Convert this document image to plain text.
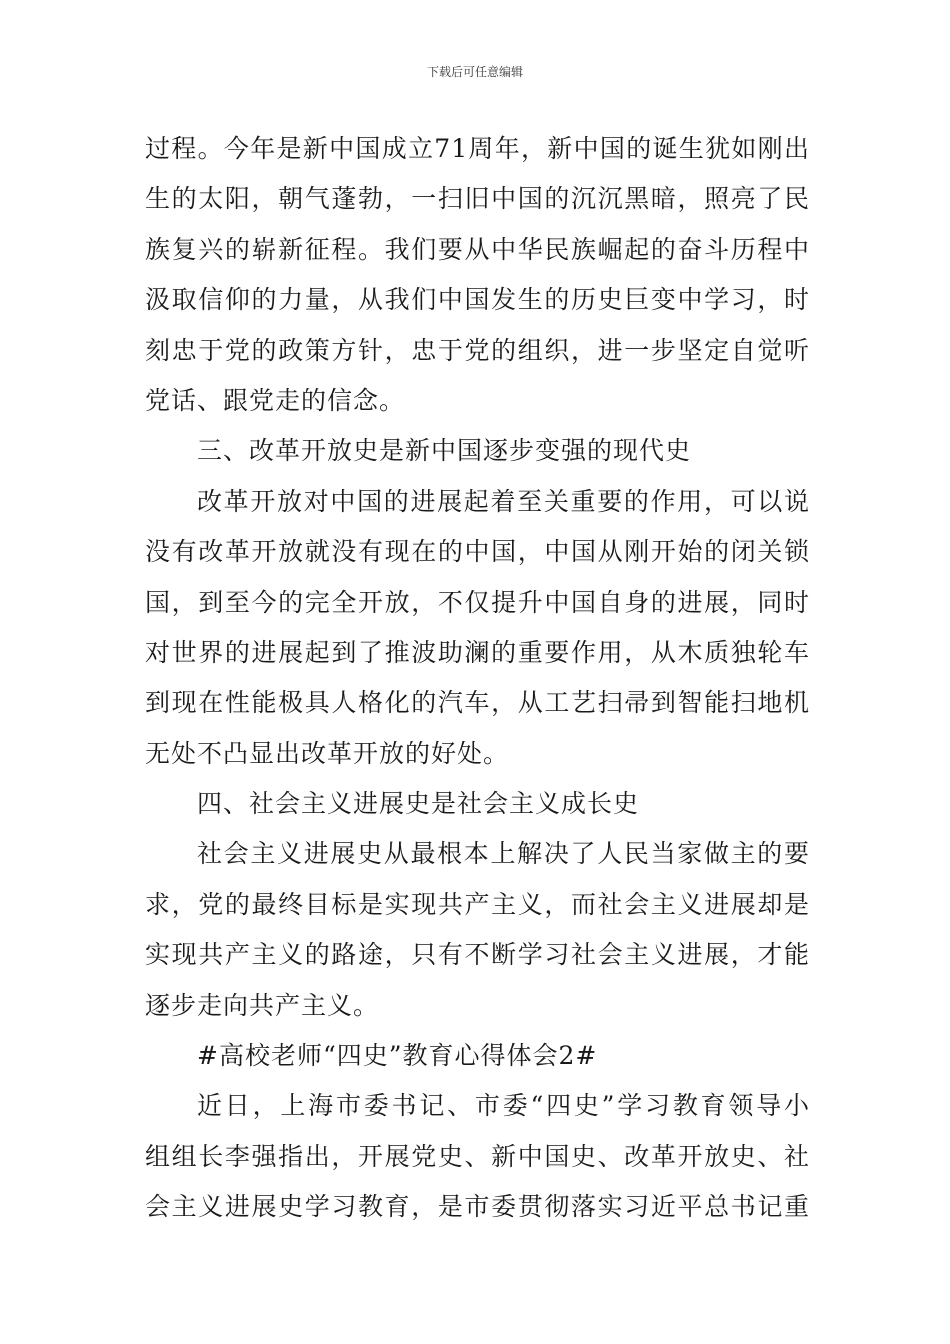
下载后可任意编辑
过程。今年是新中国成立71周年，新中国的诞生犹如刚出
生的太阳，朝气蓬勃，一扫旧中国的沉沉黑暗，照亮了民
族复兴的崭新征程。我们要从中华民族崛起的奋斗历程中
汲取信仰的力量，从我们中国发生的历史巨变中学习，时
刻忠于党的政策方针，忠于党的组织，进一步坚定自觉听
党话、跟党走的信念。
三、改革开放史是新中国逐步变强的现代史
改革开放对中国的进展起着至关重要的作用，可以说
没有改革开放就没有现在的中国，中国从刚开始的闭关锁
国，到至今的完全开放，不仅提升中国自身的进展，同时
对世界的进展起到了推波助澜的重要作用，从木质独轮车
到现在性能极具人格化的汽车，从工艺扫帚到智能扫地机
无处不凸显出改革开放的好处。
四、社会主义进展史是社会主义成长史
社会主义进展史从最根本上解决了人民当家做主的要
求，党的最终目标是实现共产主义，而社会主义进展却是
实现共产主义的路途，只有不断学习社会主义进展，才能
逐步走向共产主义。
#高校老师“四史”教育心得体会2#
近日，上海市委书记、市委“四史”学习教育领导小
组组长李强指出，开展党史、新中国史、改革开放史、社
会主义进展史学习教育，是市委贯彻落实习近平总书记重
